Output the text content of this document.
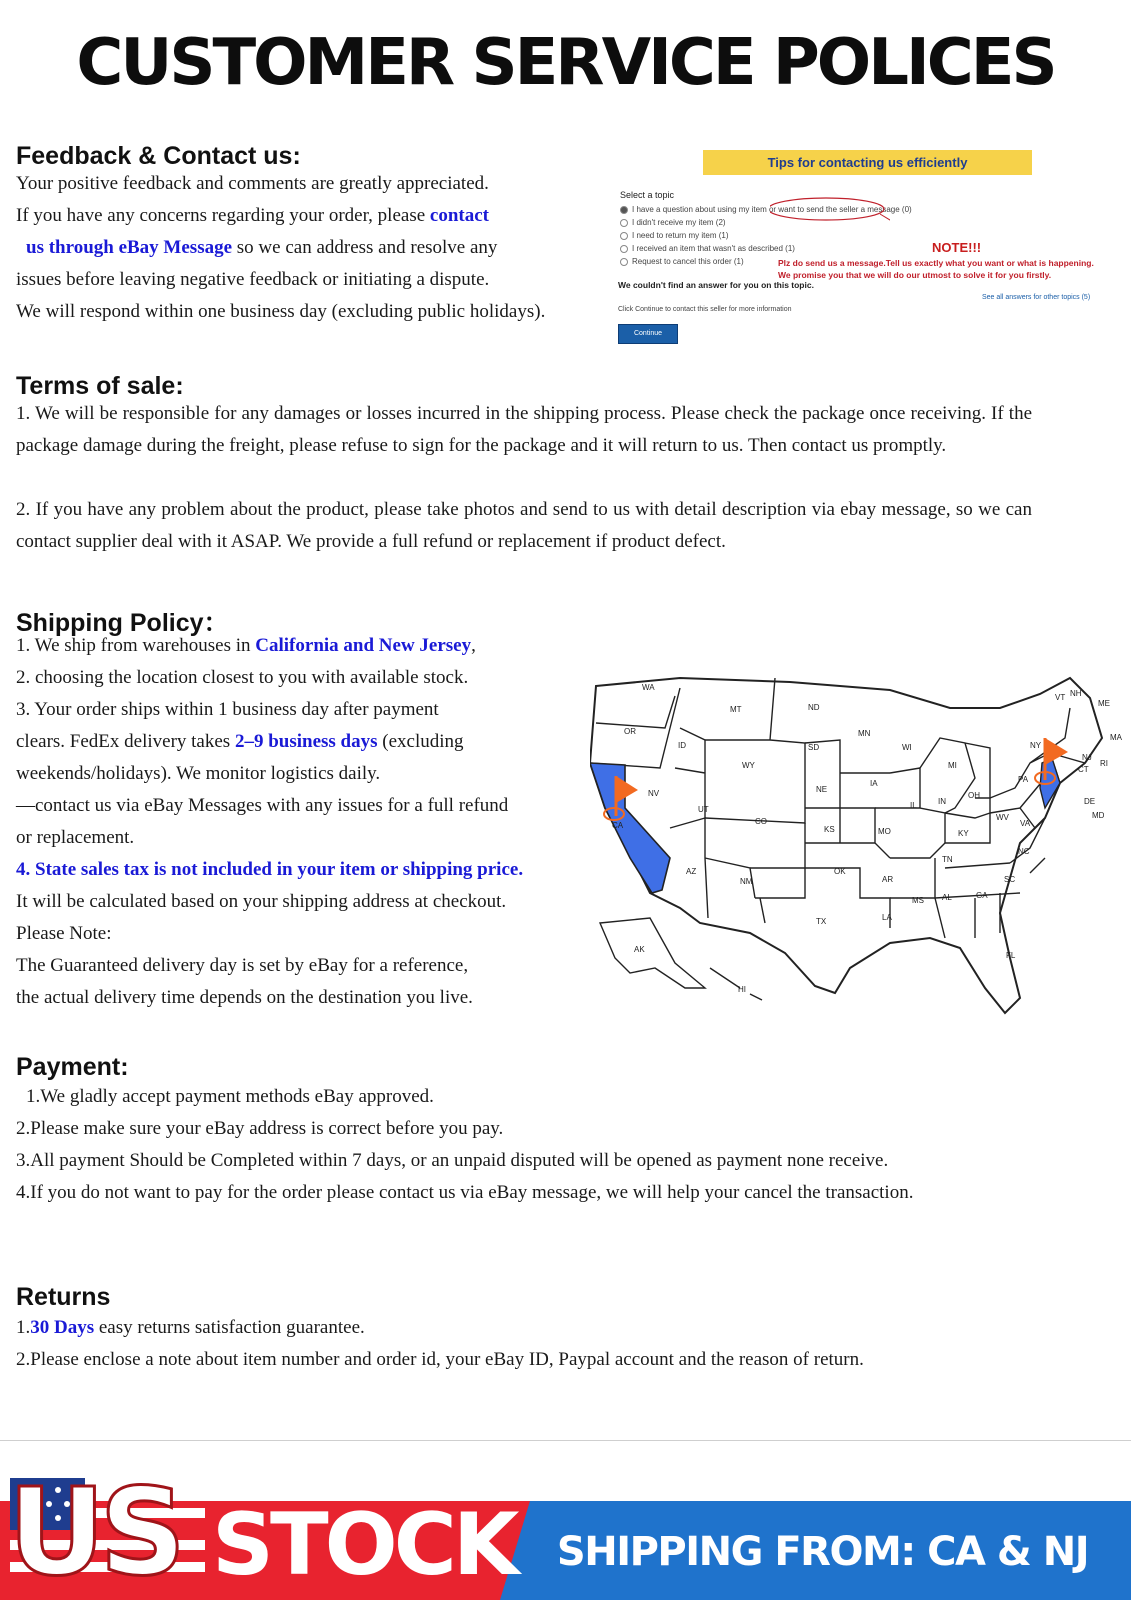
CUSTOMER SERVICE POLICES
Feedback & Contact us:

Your positive feedback and comments are greatly appreciated.

If you have any concerns regarding your order, please contact

us through eBay Message so we can address and resolve any

issues before leaving negative feedback or initiating a dispute.

We will respond within one business day (excluding public holidays).

Tips for contacting us efficiently
Select a topic
I have a question about using my item or want to send the seller a message (0)
I didn't receive my item (2)
I need to return my item (1)
I received an item that wasn't as described (1)
Request to cancel this order (1)
NOTE!!!
Plz do send us a message.Tell us exactly what you want or what is happening.
We promise you that we will do our utmost to solve it for you firstly.
We couldn't find an answer for you on this topic.
See all answers for other topics (5)
Click Continue to contact this seller for more information
Continue
Terms of sale:

1. We will be responsible for any damages or losses incurred in the shipping process. Please check the package once receiving. If the package damage during the freight, please refuse to sign for the package and it will return to us. Then contact us promptly.

2. If you have any problem about the product, please take photos and send to us with detail description via ebay message, so we can contact supplier deal with it ASAP. We provide a full refund or replacement if product defect.

Shipping Policy：

1. We ship from warehouses in California and New Jersey,

2. choosing the location closest to you with available stock.

3. Your order ships within 1 business day after payment

clears. FedEx delivery takes 2–9 business days (excluding

weekends/holidays). We monitor logistics daily.

—contact us via eBay Messages with any issues for a full refund

or replacement.

4. State sales tax is not included in your item or shipping price.

It will be calculated based on your shipping address at checkout.

Please Note:

The Guaranteed delivery day is set by eBay for a reference,

the actual delivery time depends on the destination you live.

WA
OR
CA
NV
ID
MT
WY
UT
CO
AZ
NM
ND
SD
NE
KS
OK
TX
MN
IA
MO
AR
LA
WI
IL
MI
IN
OH
KY
TN
MS AL	GA
FL
SC
NC
VA
WV
PA
NY
VT NH
ME
MA
CT
RI
NJ
DE
MD
AK
HI
Payment:

1.We gladly accept payment methods eBay approved.

2.Please make sure your eBay address is correct before you pay.

3.All payment Should be Completed within 7 days, or an unpaid disputed will be opened as payment none receive.

4.If you do not want to pay for the order please contact us via eBay message, we will help your cancel the transaction.

Returns

1.30 Days easy returns satisfaction guarantee.

2.Please enclose a note about item number and order id, your eBay ID, Paypal account and the reason of return.

US STOCK	SHIPPING FROM: CA & NJ
